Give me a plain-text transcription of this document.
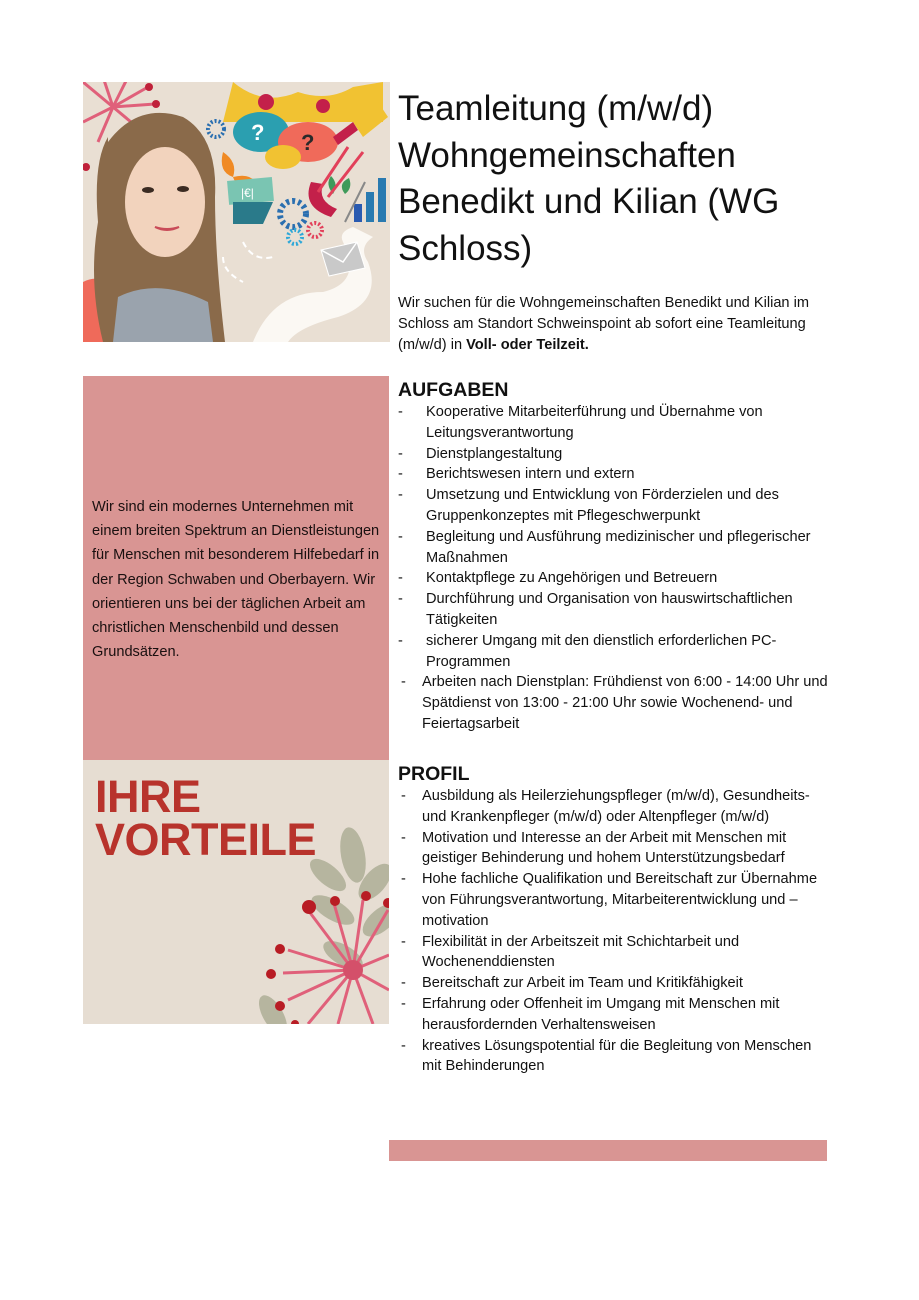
? ?
|€|
Teamleitung (m/w/d) Wohngemeinschaften Benedikt und Kilian (WG Schloss)

Wir suchen für die Wohngemeinschaften Benedikt und Kilian im Schloss am Standort Schweinspoint ab sofort eine Teamleitung (m/w/d) in Voll- oder Teilzeit.

Wir sind ein modernes Unternehmen mit einem breiten Spektrum an Dienstleistungen für Menschen mit besonderem Hilfebedarf in der Region Schwaben und Oberbayern. Wir orientieren uns bei der täglichen Arbeit am christlichen Menschenbild und dessen Grundsätzen.

IHRE
VORTEILE
AUFGABEN
- Kooperative Mitarbeiterführung und Übernahme von Leitungsverantwortung
- Dienstplangestaltung
- Berichtswesen intern und extern
- Umsetzung und Entwicklung von Förderzielen und des Gruppenkonzeptes mit Pflegeschwerpunkt
- Begleitung und Ausführung medizinischer und pflegerischer Maßnahmen
- Kontaktpflege zu Angehörigen und Betreuern
- Durchführung und Organisation von hauswirtschaftlichen Tätigkeiten
- sicherer Umgang mit den dienstlich erforderlichen PC-Programmen
- Arbeiten nach Dienstplan: Frühdienst von 6:00 - 14:00 Uhr und Spätdienst von 13:00 - 21:00 Uhr sowie Wochenend- und Feiertagsarbeit
PROFIL
- Ausbildung als Heilerziehungspfleger (m/w/d), Gesundheits- und Krankenpfleger (m/w/d) oder Altenpfleger (m/w/d)
- Motivation und Interesse an der Arbeit mit Menschen mit geistiger Behinderung und hohem Unterstützungsbedarf
- Hohe fachliche Qualifikation und Bereitschaft zur Übernahme von Führungsverantwortung, Mitarbeiterentwicklung und –motivation
- Flexibilität in der Arbeitszeit mit Schichtarbeit und Wochenenddiensten
- Bereitschaft zur Arbeit im Team und Kritikfähigkeit
- Erfahrung oder Offenheit im Umgang mit Menschen mit herausfordernden Verhaltensweisen
- kreatives Lösungspotential für die Begleitung von Menschen mit Behinderungen
